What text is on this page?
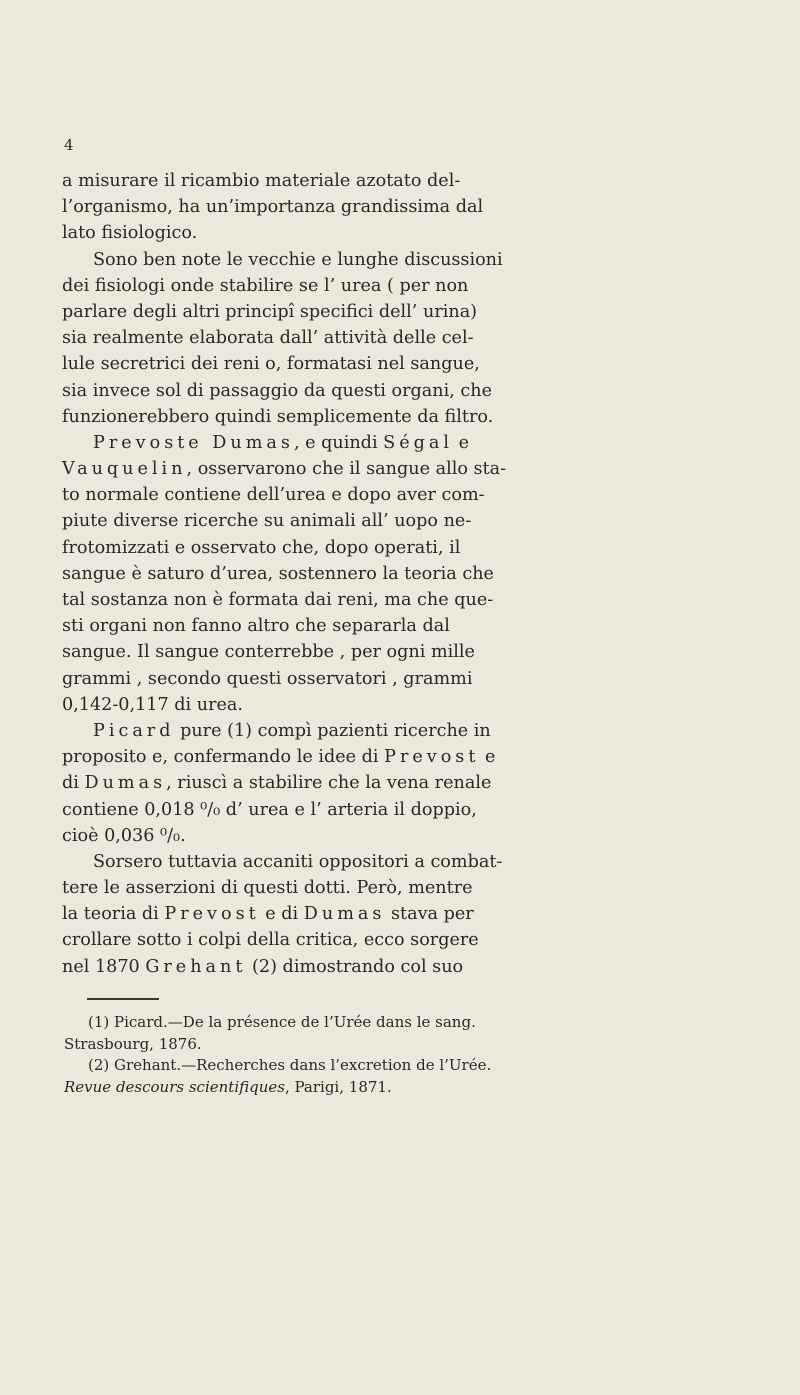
4
a misurare il ricambio materiale azotato del-
l’organismo, ha un’importanza grandissima dal
lato fisiologico.
Sono ben note le vecchie e lunghe discussioni
dei fisiologi onde stabilire se l’ urea ( per non
parlare degli altri principî specifici dell’ urina)
sia realmente elaborata dall’ attività delle cel-
lule secretrici dei reni o, formatasi nel sangue,
sia invece sol di passaggio da questi organi, che
funzionerebbero quindi semplicemente da filtro.
Prevoste Dumas, e quindi Ségal e
Vauquelin, osservarono che il sangue allo sta-
to normale contiene dell’urea e dopo aver com-
piute diverse ricerche su animali all’ uopo ne-
frotomizzati e osservato che, dopo operati, il
sangue è saturo d’urea, sostennero la teoria che
tal sostanza non è formata dai reni, ma che que-
sti organi non fanno altro che separarla dal
sangue. Il sangue conterrebbe , per ogni mille
grammi , secondo questi osservatori , grammi
0,142-0,117 di urea.
Picard pure (1) compì pazienti ricerche in
proposito e, confermando le idee di Prevost e
di Dumas, riuscì a stabilire che la vena renale
contiene 0,018 ⁰/₀ d’ urea e l’ arteria il doppio,
cioè 0,036 ⁰/₀.
Sorsero tuttavia accaniti oppositori a combat-
tere le asserzioni di questi dotti. Però, mentre
la teoria di Prevost e di Dumas stava per
crollare sotto i colpi della critica, ecco sorgere
nel 1870 Grehant (2) dimostrando col suo
(1) Picard.—De la présence de l’Urée dans le sang.
Strasbourg, 1876.
(2) Grehant.—Recherches dans l’excretion de l’Urée.
Revue descours scientifiques, Parigi, 1871.
